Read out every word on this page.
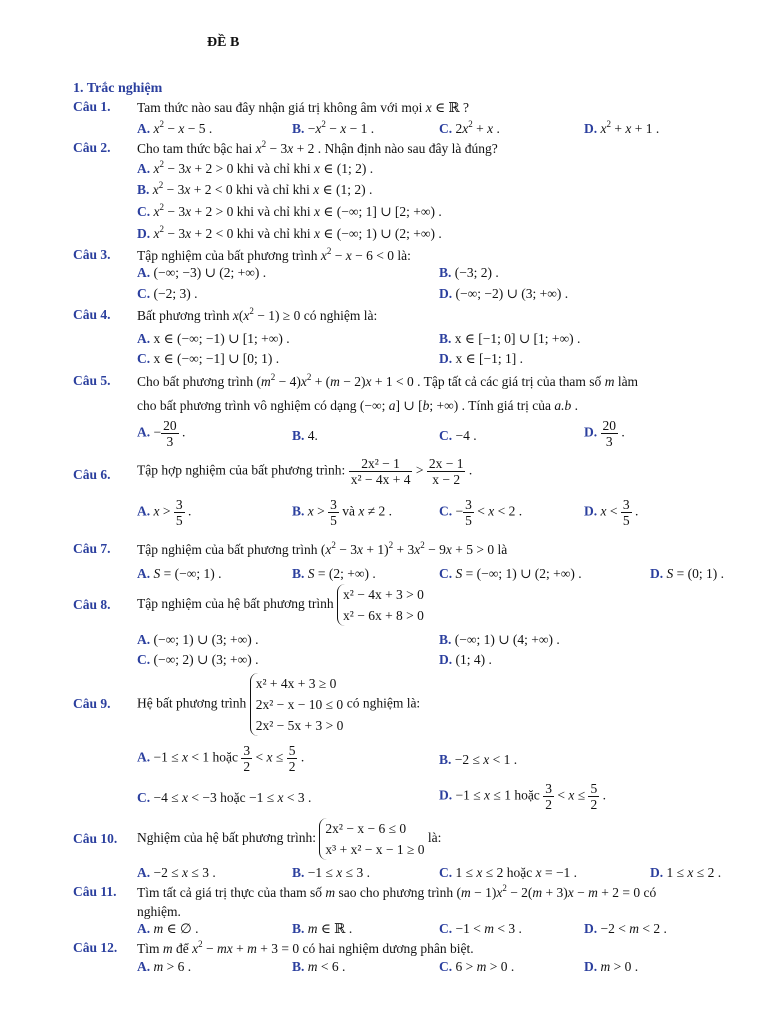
ĐỀ B
1. Trắc nghiệm
Câu 1. Tam thức nào sau đây nhận giá trị không âm với mọi x ∈ ℝ ?
A. $x^2 - x - 5$ .	B. $-x^2 - x - 1$ .	C. $2x^2 + x$ .	D. $x^2 + x + 1$ .
Câu 2. Cho tam thức bậc hai $x^2 - 3x + 2$ . Nhận định nào sau đây là đúng?
A. $x^2 - 3x + 2 > 0$ khi và chỉ khi x ∈ (1; 2) .
B. $x^2 - 3x + 2 < 0$ khi và chỉ khi x ∈ (1; 2) .
C. $x^2 - 3x + 2 > 0$ khi và chỉ khi x ∈ (−∞; 1] ∪ [2; +∞) .
D. $x^2 - 3x + 2 < 0$ khi và chỉ khi x ∈ (−∞; 1) ∪ (2; +∞) .
Câu 3. Tập nghiệm của bất phương trình $x^2 - x - 6 < 0$ là:
A. (−∞; −3) ∪ (2; +∞) .	B. (−3; 2) .
C. (−2; 3) .	D. (−∞; −2) ∪ (3; +∞) .
Câu 4. Bất phương trình $x(x^2 - 1) \ge 0$ có nghiệm là:
A. x ∈ (−∞; −1) ∪ [1; +∞) .	B. x ∈ [−1; 0] ∪ [1; +∞) .
C. x ∈ (−∞; −1] ∪ [0; 1) .	D. x ∈ [−1; 1] .
Câu 5. Cho bất phương trình $(m^2 - 4)x^2 + (m - 2)x + 1 < 0$ . Tập tất cả các giá trị của tham số m làm
cho bất phương trình vô nghiệm có dạng (−∞; a] ∪ [b; +∞) . Tính giá trị của a.b .
A. − $\frac{20}{3}$ .	B. 4.	C. −4 .	D. $\frac{20}{3}$ .
Câu 6. Tập hợp nghiệm của bất phương trình: $\frac{\text{2x² − 1}}{\text{x² − 4x + 4}} > \frac{2x - 1}{x - 2}$ .
A. $x > \frac{3}{5}$ .	B. $x > \frac{3}{5}$ và x ≠ 2 .	C. − $\frac{3}{5} < x < 2$ .	D. $x < \frac{3}{5}$ .
Câu 7. Tập nghiệm của bất phương trình $(x^2 - 3x + 1)^2 + 3x^2 - 9x + 5 > 0$ là
A. S = (−∞; 1) .	B. S = (2; +∞) .	C. S = (−∞; 1) ∪ (2; +∞) .	D. S = (0; 1) .
Câu 8. Tập nghiệm của hệ bất phương trình
x² − 4x + 3 > 0
x² − 6x + 8 > 0
A. (−∞; 1) ∪ (3; +∞) .	B. (−∞; 1) ∪ (4; +∞) .
C. (−∞; 2) ∪ (3; +∞) .	D. (1; 4) .
Câu 9. Hệ bất phương trình
x² + 4x + 3 ≥ 0
2x² − x − 10 ≤ 0
2x² − 5x + 3 > 0
có nghiệm là:
A. −1 ≤ x < 1 hoặc $\frac{3}{2} < x \le \frac{5}{2}$ .	B. −2 ≤ x < 1 .
C. −4 ≤ x < −3 hoặc −1 ≤ x < 3 .	D. −1 ≤ x ≤ 1 hoặc $\frac{3}{2} < x \le \frac{5}{2}$ .
Câu 10. Nghiệm của hệ bất phương trình:
2x² − x − 6 ≤ 0
x³ + x² − x − 1 ≥ 0
là:
A. −2 ≤ x ≤ 3 .	B. −1 ≤ x ≤ 3 .	C. 1 ≤ x ≤ 2 hoặc x = −1 .	D. 1 ≤ x ≤ 2 .
Câu 11. Tìm tất cả giá trị thực của tham số m sao cho phương trình $(m - 1)x^2 - 2(m + 3)x - m + 2 = 0$ có
nghiệm.
A. m ∈ ∅ .	B. m ∈ ℝ .	C. −1 < m < 3 .	D. −2 < m < 2 .
Câu 12. Tìm m để $x^2$ − mx + m + 3 = 0 có hai nghiệm dương phân biệt.
A. m > 6 .	B. m < 6 .	C. 6 > m > 0 .	D. m > 0 .
